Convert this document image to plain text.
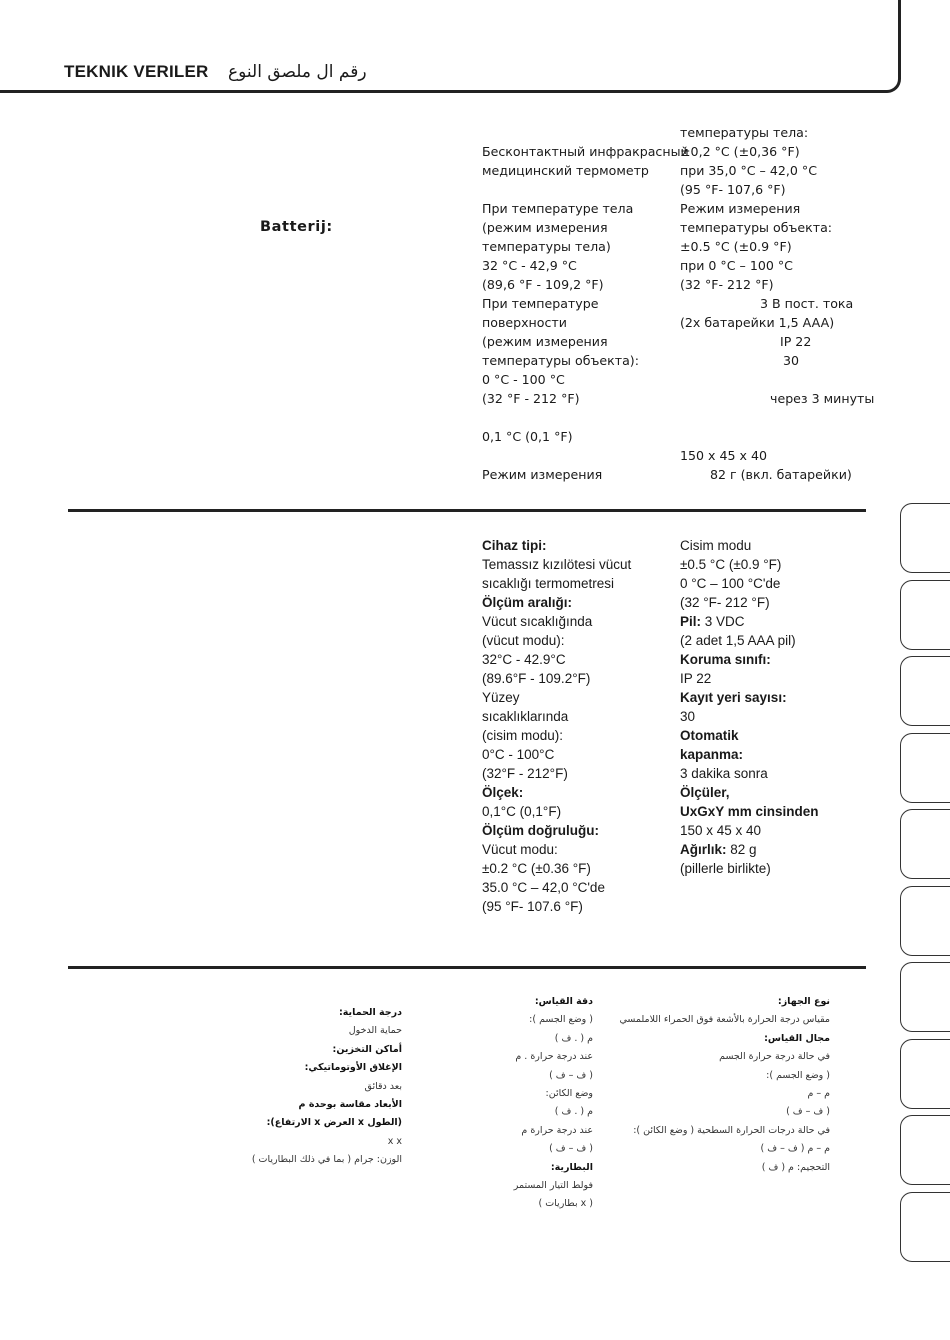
TEKNIK VERILER رقم ال ملصق النوع
Batterij:
Бесконтактный инфракрасный
медицинский термометр
При температуре тела
(режим измерения
температуры тела)
32 °C - 42,9 °C
(89,6 °F - 109,2 °F)
При температуре
поверхности
(режим измерения
температуры объекта):
0 °C - 100 °C
(32 °F - 212 °F)
0,1 °C (0,1 °F)
Режим измерения
температуры тела:
±0,2 °C (±0,36 °F)
при 35,0 °C – 42,0 °C
(95 °F- 107,6 °F)
Режим измерения
температуры объекта:
±0.5 °C (±0.9 °F)
при 0 °C – 100 °C
(32 °F- 212 °F)
3 В пост. тока
(2x батарейки 1,5 AAA)
IP 22
30
через 3 минуты
150 x 45 x 40
82 г (вкл. батарейки)
Cihaz tipi:
Temassız kızılötesi vücut
sıcaklığı termometresi
Ölçüm aralığı:
Vücut sıcaklığında
(vücut modu):
32°C - 42.9°C
(89.6°F - 109.2°F)
Yüzey
sıcaklıklarında
(cisim modu):
0°C - 100°C
(32°F - 212°F)
Ölçek:
0,1°C (0,1°F)
Ölçüm doğruluğu:
Vücut modu:
±0.2 °C (±0.36 °F)
35.0 °C – 42,0 °C'de
(95 °F- 107.6 °F)
Cisim modu
±0.5 °C (±0.9 °F)
0 °C – 100 °C'de
(32 °F- 212 °F)
Pil: 3 VDC
(2 adet 1,5 AAA pil)
Koruma sınıfı:
IP 22
Kayıt yeri sayısı:
30
Otomatik
kapanma:
3 dakika sonra
Ölçüler,
UxGxY mm cinsinden
150 x 45 x 40
Ağırlık: 82 g
(pillerle birlikte)
نوع الجهاز:
مقياس درجة الحرارة بالأشعة فوق الحمراء اللاملمسي
مجال القياس:
في حالة درجة حرارة الجسم
( وضع الجسم ):
م – م
( ف – ف )
في حالة درجات الحرارة السطحية ( وضع الكائن ):
م – م ( ف – ف )
التحجيم: م ( ف )
دقة القياس:
( وضع الجسم ):
م ( . ف )
عند درجة حرارة . م
( ف – ف )
وضع الكائن:
م ( . ف )
عند درجة حرارة م
( ف – ف )
البطارية:
فولط التيار المستمر
( x بطاريات )
درجة الحماية:
حماية الدخول
أماكن التخزين:
الإغلاق الأوتوماتيكي:
بعد دقائق
الأبعاد مقاسة بوحدة م
(الطول x العرض x الارتفاع):
x x
الوزن: جرام ( بما في ذلك البطاريات )
